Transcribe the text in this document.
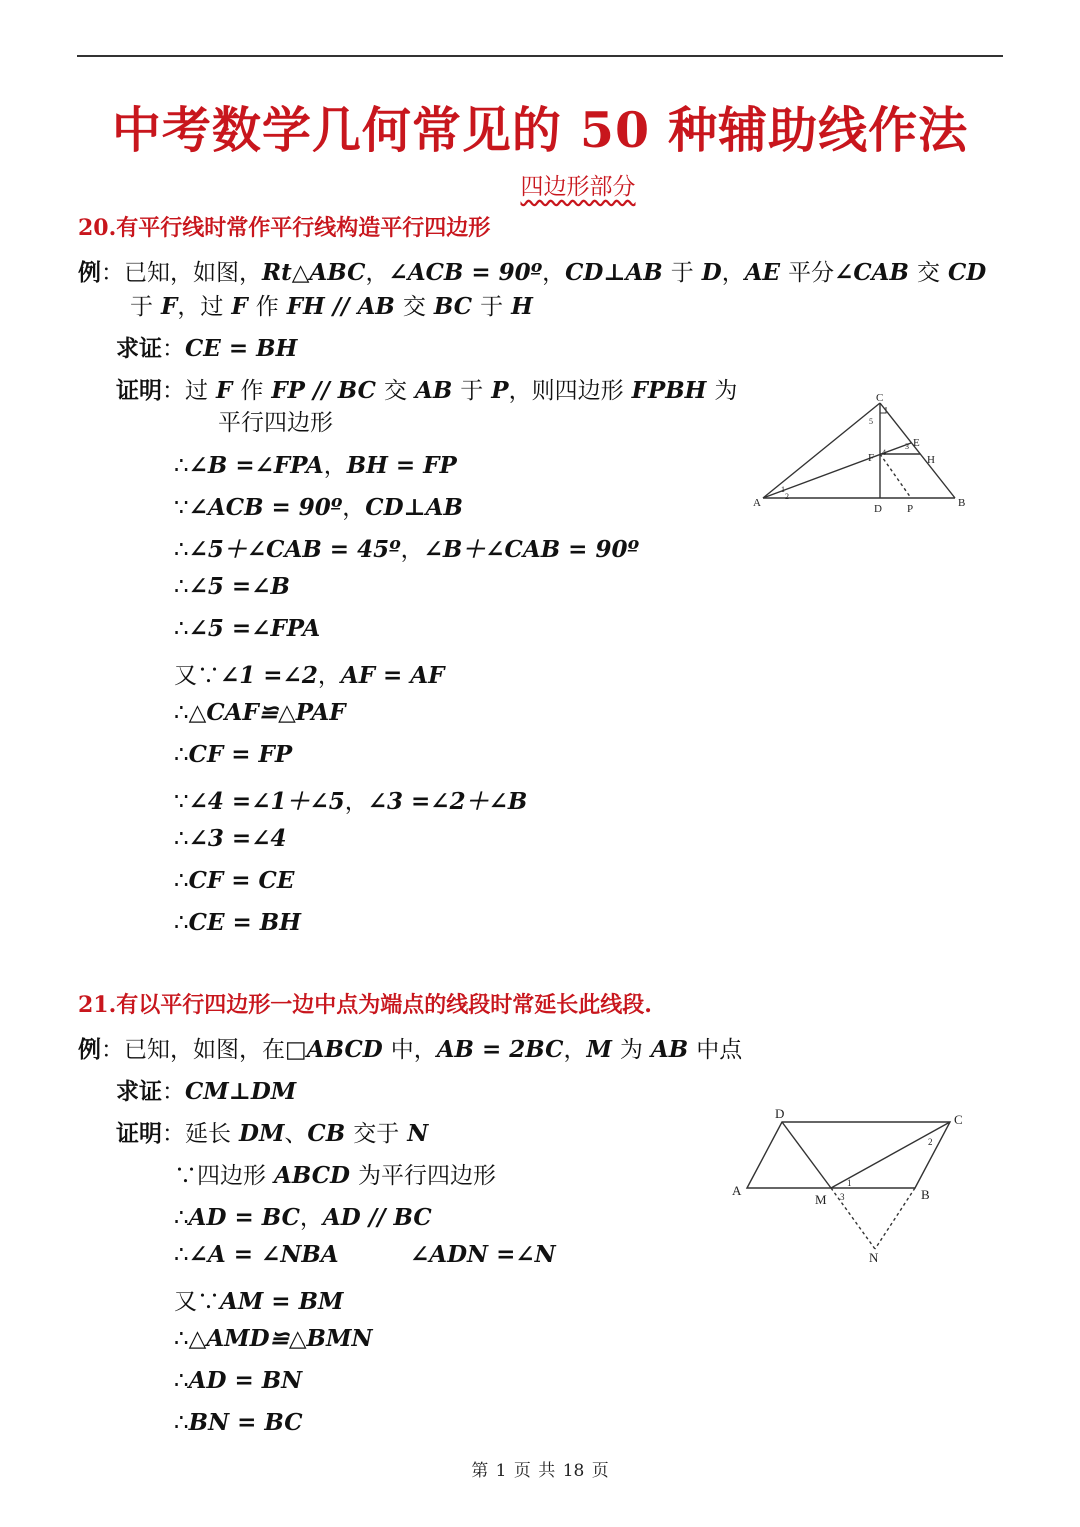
中考数学几何常见的 50 种辅助线作法
四边形部分
20.有平行线时常作平行线构造平行四边形
例：已知，如图，Rt△ABC，∠ACB = 90º，CD⊥AB 于 D，AE 平分∠CAB 交 CD
于 F，过 F 作 FH // AB 交 BC 于 H
求证：CE = BH
证明：过 F 作 FP // BC 交 AB 于 P，则四边形 FPBH 为
平行四边形
∴∠B =∠FPA，BH = FP
∵∠ACB = 90º，CD⊥AB
∴∠5＋∠CAB = 45º，∠B＋∠CAB = 90º
∴∠5 =∠B
∴∠5 =∠FPA
又∵∠1 =∠2，AF = AF
∴△CAF≌△PAF
∴CF = FP
∵∠4 =∠1＋∠5，∠3 =∠2＋∠B
∴∠3 =∠4
∴CF = CE
∴CE = BH
C
E
H
F
A	D P	B
1
2
3
4
5
21.有以平行四边形一边中点为端点的线段时常延长此线段.
例：已知，如图，在□ABCD 中，AB = 2BC，M 为 AB 中点
求证：CM⊥DM
证明：延长 DM、CB 交于 N
∵四边形 ABCD 为平行四边形
∴AD = BC，AD // BC
∴∠A = ∠NBA	∠ADN =∠N
又∵AM = BM
∴△AMD≌△BMN
∴AD = BN
∴BN = BC
D	C
A
M	B
N
1
2
3
第 1 页 共 18 页
